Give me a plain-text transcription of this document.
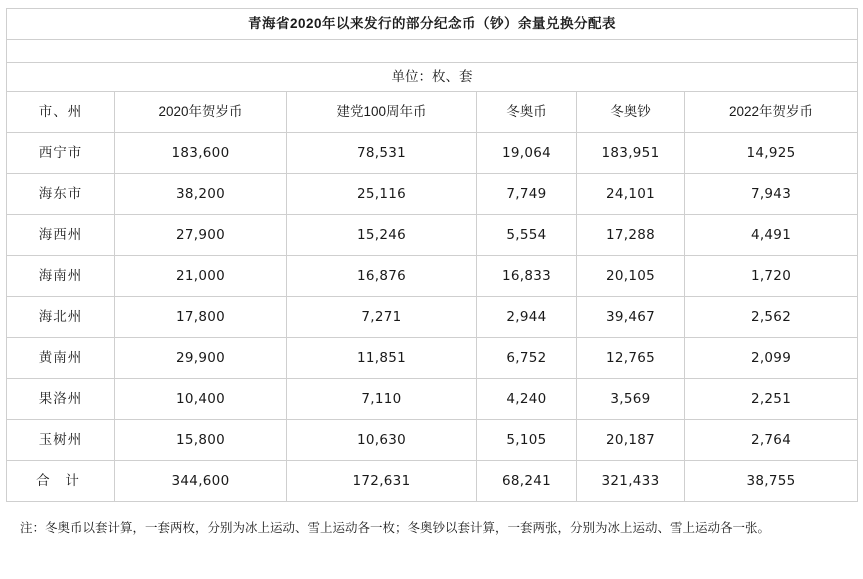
青海省2020年以来发行的部分纪念币（钞）余量兑换分配表					

单位：枚、套					
市、州	2020年贺岁币	建党100周年币	冬奥币	冬奥钞	2022年贺岁币
西宁市	183,600	78,531	19,064	183,951	14,925
海东市	38,200	25,116	7,749	24,101	7,943
海西州	27,900	15,246	5,554	17,288	4,491
海南州	21,000	16,876	16,833	20,105	1,720
海北州	17,800	7,271	2,944	39,467	2,562
黄南州	29,900	11,851	6,752	12,765	2,099
果洛州	10,400	7,110	4,240	3,569	2,251
玉树州	15,800	10,630	5,105	20,187	2,764
合 计	344,600	172,631	68,241	321,433	38,755
注：冬奥币以套计算，一套两枚，分别为冰上运动、雪上运动各一枚；冬奥钞以套计算，一套两张，分别为冰上运动、雪上运动各一张。
